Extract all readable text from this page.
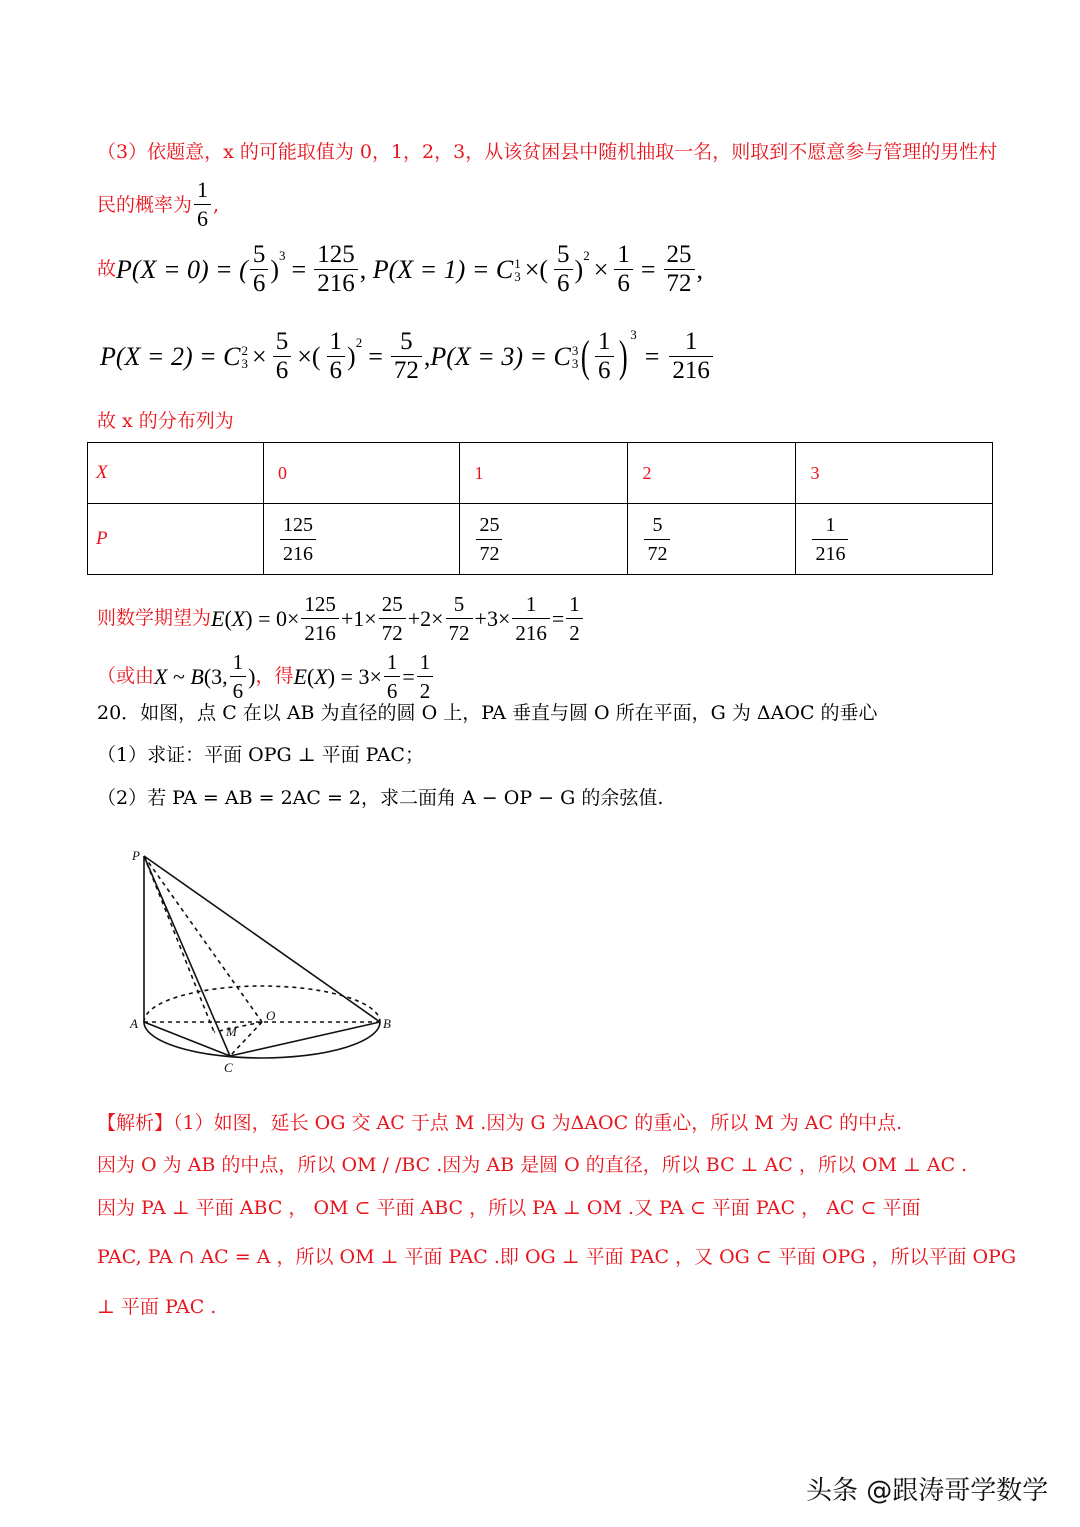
（3）依题意，x 的可能取值为 0，1，2，3，从该贫困县中随机抽取一名，则取到不愿意参与管理的男性村
民的概率为 $\frac{1}{6}$ ,
故 P(X = 0) = ( $\frac{5}{6} )^3 = \frac{125}{216}$ , P(X = 1) = C 1
3 ×( $\frac{5}{6} )^2 \times \frac{1}{6} = \frac{25}{72}$ ,
P(X = 2) = C 2
$3 \times \frac{5}{6}$ ×( $\frac{1}{6} )^2 = \frac{5}{72}$ , P(X = 3) = C 3
3 ( $\frac{1}{6} )^3$
= $\frac{1}{216}$
故 x 的分布列为
X	0	1	2	3
P	$\frac{125}{216}$	$\frac{25}{72}$	$\frac{5}{72}$	$\frac{1}{216}$
则数学期望为 E ( X ) = $0\times \frac{125}{216} +1\times \frac{25}{72} +2\times \frac{5}{72} +3\times \frac{1}{216} = \frac{1}{2}$
（或由 X ~ B (3, $\frac{1}{6}$ ) ，得 E ( X ) = $3\times \frac{1}{6} = \frac{1}{2}$
20．如图，点 C 在以 AB 为直径的圆 O 上，PA 垂直与圆 O 所在平面，G 为 ΔAOC 的垂心
（1）求证：平面 OPG ⊥ 平面 PAC；
（2）若 PA = AB = 2AC = 2，求二面角 A − OP − G 的余弦值.
P
A
O
B
C
M
【解析】（1）如图，延长 OG 交 AC 于点 M .因为 G 为ΔAOC 的重心，所以 M 为 AC 的中点.
因为 O 为 AB 的中点，所以 OM / /BC .因为 AB 是圆 O 的直径，所以 BC ⊥ AC ，所以 OM ⊥ AC .
因为 PA ⊥ 平面 ABC ， OM ⊂ 平面 ABC ，所以 PA ⊥ OM .又 PA ⊂ 平面 PAC ， AC ⊂ 平面
PAC, PA ∩ AC = A ，所以 OM ⊥ 平面 PAC .即 OG ⊥ 平面 PAC ，又 OG ⊂ 平面 OPG ，所以平面 OPG
⊥ 平面 PAC .
头条 @跟涛哥学数学
